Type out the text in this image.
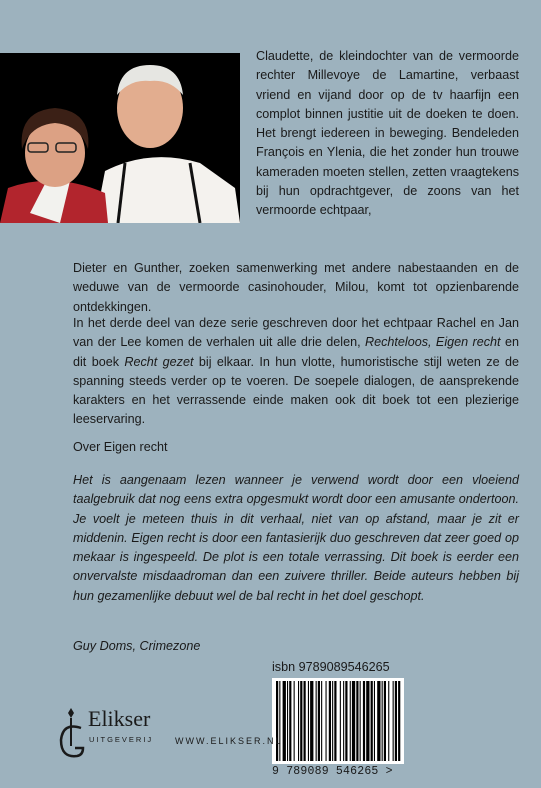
Claudette, de kleindochter van de vermoorde rechter Millevoye de Lamartine, verbaast vriend en vijand door op de tv haarfijn een complot binnen justitie uit de doeken te doen. Het brengt iedereen in beweging. Bendeleden François en Ylenia, die het zonder hun trouwe kameraden moeten stellen, zetten vraagtekens bij hun opdrachtgever, de zoons van het vermoorde echtpaar,
Dieter en Gunther, zoeken samenwerking met andere nabestaanden en de weduwe van de vermoorde casinohouder, Milou, komt tot opzienbarende ontdekkingen.
In het derde deel van deze serie geschreven door het echtpaar Rachel en Jan van der Lee komen de verhalen uit alle drie delen, Rechteloos, Eigen recht en dit boek Recht gezet bij elkaar. In hun vlotte, humoristische stijl weten ze de spanning steeds verder op te voeren. De soepele dialogen, de aansprekende karakters en het verrassende einde maken ook dit boek tot een plezierige leeservaring.
Over Eigen recht
Het is aangenaam lezen wanneer je verwend wordt door een vloeiend taalgebruik dat nog eens extra opgesmukt wordt door een amusante ondertoon. Je voelt je meteen thuis in dit verhaal, niet van op afstand, maar je zit er middenin. Eigen recht is door een fantasierijk duo geschreven dat zeer goed op mekaar is ingespeeld. De plot is een totale verrassing. Dit boek is eerder een onvervalste misdaadroman dan een zuivere thriller. Beide auteurs hebben bij hun gezamenlijke debuut wel de bal recht in het doel geschopt.
Guy Doms, Crimezone
isbn 9789089546265
9 789089 546265 >
Elikser
UITGEVERIJ WWW.ELIKSER.NL
